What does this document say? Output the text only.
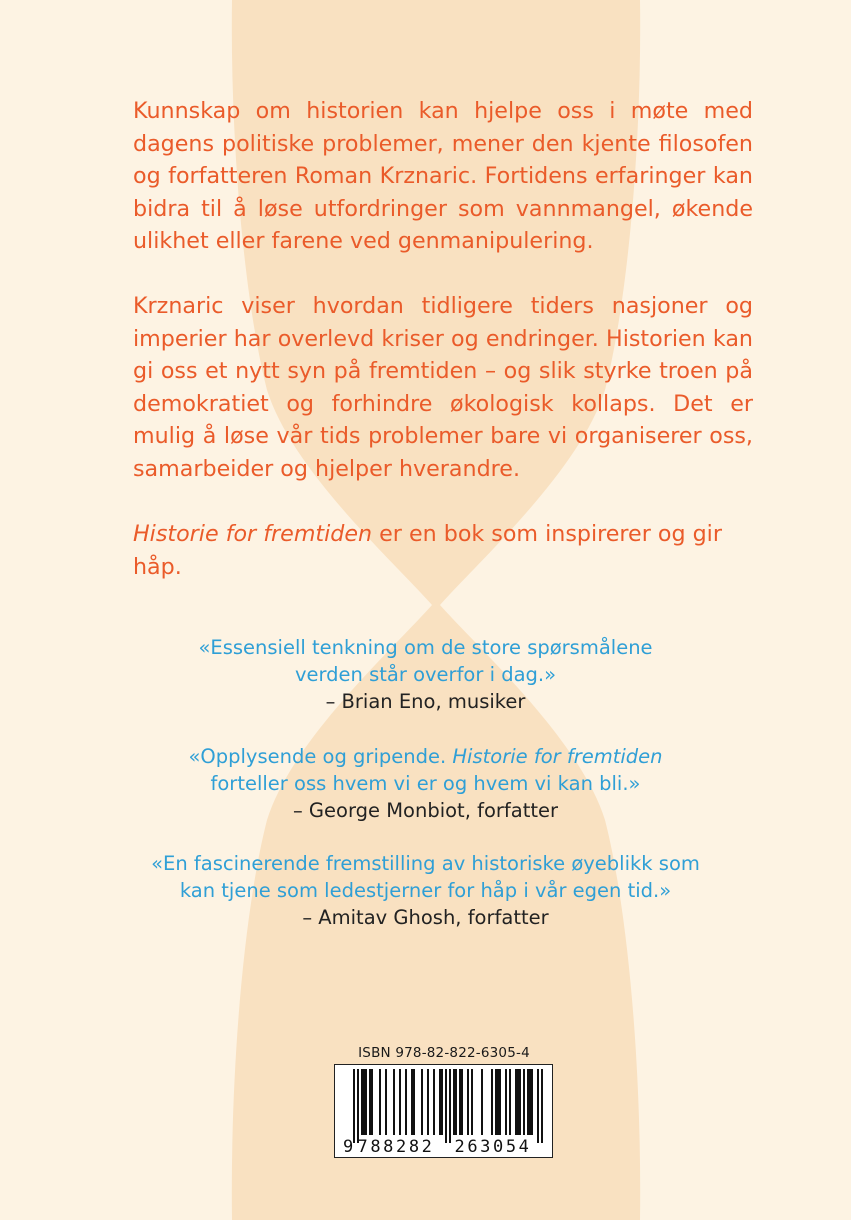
Kunnskap om historien kan hjelpe oss i møte med dagens politiske problemer, mener den kjente filosofen og forfatteren Roman Krznaric. Fortidens erfaringer kan bidra til å løse utfordringer som vannmangel, økende ulikhet eller farene ved genmanipulering.

Krznaric viser hvordan tidligere tiders nasjoner og imperier har overlevd kriser og endringer. Historien kan gi oss et nytt syn på fremtiden – og slik styrke troen på demokratiet og forhindre økologisk kollaps. Det er mulig å løse vår tids problemer bare vi organiserer oss, samarbeider og hjelper hverandre.

Historie for fremtiden er en bok som inspirerer og gir håp.

«Essensiell tenkning om de store spørsmålene
verden står overfor i dag.»
– Brian Eno, musiker

«Opplysende og gripende. Historie for fremtiden
forteller oss hvem vi er og hvem vi kan bli.»
– George Monbiot, forfatter

«En fascinerende fremstilling av historiske øyeblikk som
kan tjene som ledestjerner for håp i vår egen tid.»
– Amitav Ghosh, forfatter

ISBN 978-82-822-6305-4
9 788282 263054
